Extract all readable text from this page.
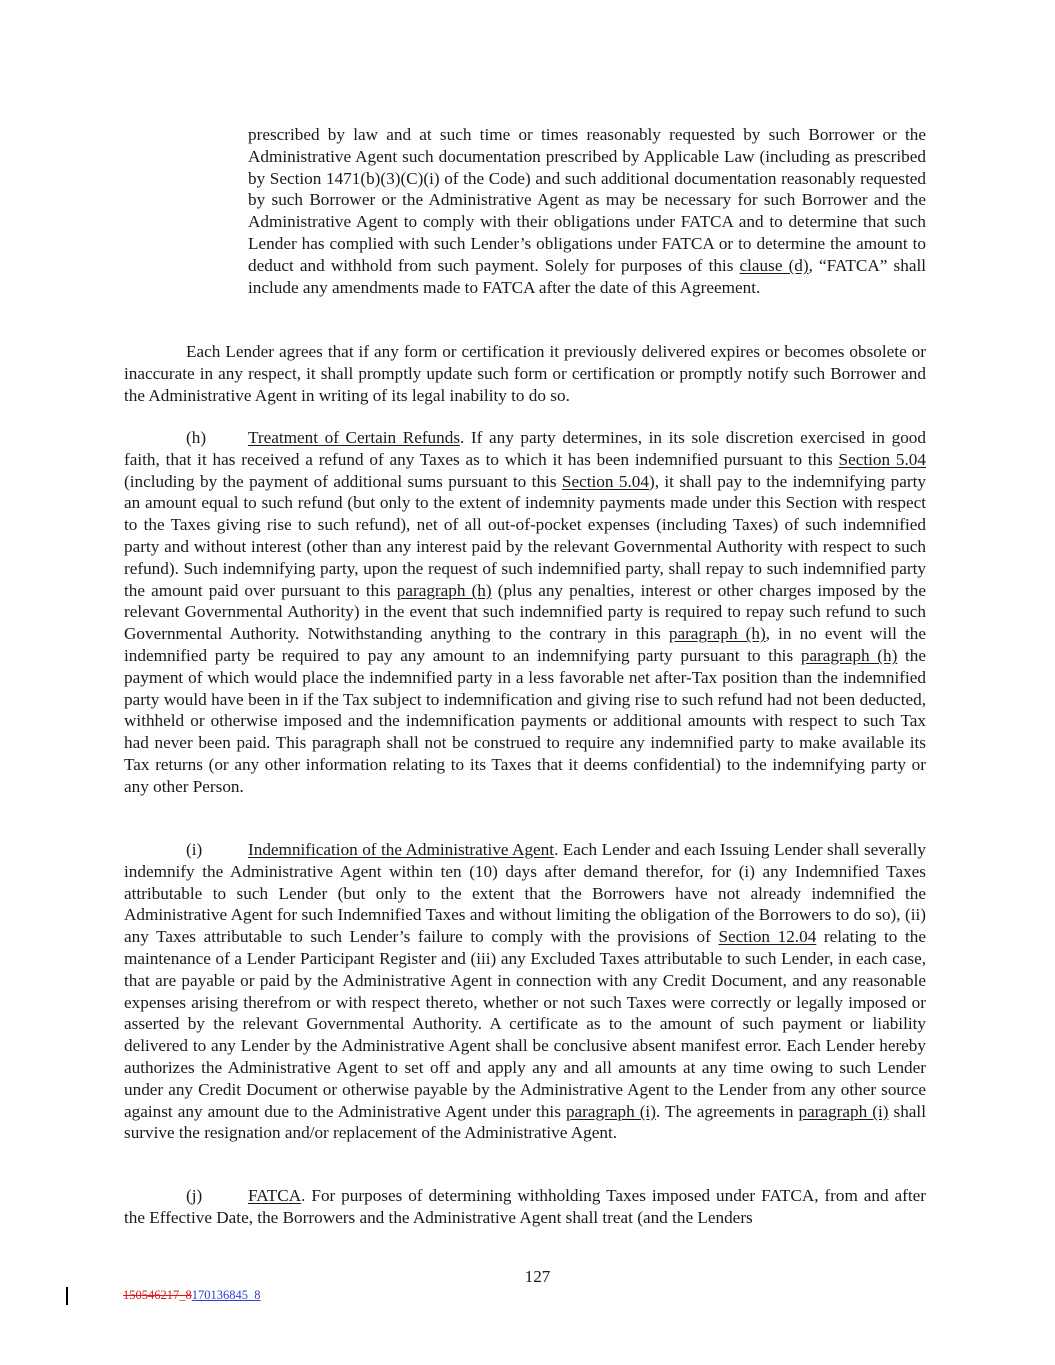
prescribed by law and at such time or times reasonably requested by such Borrower or the Administrative Agent such documentation prescribed by Applicable Law (including as prescribed by Section 1471(b)(3)(C)(i) of the Code) and such additional documentation reasonably requested by such Borrower or the Administrative Agent as may be necessary for such Borrower and the Administrative Agent to comply with their obligations under FATCA and to determine that such Lender has complied with such Lender’s obligations under FATCA or to determine the amount to deduct and withhold from such payment. Solely for purposes of this clause (d), “FATCA” shall include any amendments made to FATCA after the date of this Agreement.

Each Lender agrees that if any form or certification it previously delivered expires or becomes obsolete or inaccurate in any respect, it shall promptly update such form or certification or promptly notify such Borrower and the Administrative Agent in writing of its legal inability to do so.

(h) Treatment of Certain Refunds. If any party determines, in its sole discretion exercised in good faith, that it has received a refund of any Taxes as to which it has been indemnified pursuant to this Section 5.04 (including by the payment of additional sums pursuant to this Section 5.04), it shall pay to the indemnifying party an amount equal to such refund (but only to the extent of indemnity payments made under this Section with respect to the Taxes giving rise to such refund), net of all out-of-pocket expenses (including Taxes) of such indemnified party and without interest (other than any interest paid by the relevant Governmental Authority with respect to such refund). Such indemnifying party, upon the request of such indemnified party, shall repay to such indemnified party the amount paid over pursuant to this paragraph (h) (plus any penalties, interest or other charges imposed by the relevant Governmental Authority) in the event that such indemnified party is required to repay such refund to such Governmental Authority. Notwithstanding anything to the contrary in this paragraph (h), in no event will the indemnified party be required to pay any amount to an indemnifying party pursuant to this paragraph (h) the payment of which would place the indemnified party in a less favorable net after-Tax position than the indemnified party would have been in if the Tax subject to indemnification and giving rise to such refund had not been deducted, withheld or otherwise imposed and the indemnification payments or additional amounts with respect to such Tax had never been paid. This paragraph shall not be construed to require any indemnified party to make available its Tax returns (or any other information relating to its Taxes that it deems confidential) to the indemnifying party or any other Person.

(i)	Indemnification of the Administrative Agent. Each Lender and each Issuing Lender shall severally indemnify the Administrative Agent within ten (10) days after demand therefor, for (i) any Indemnified Taxes attributable to such Lender (but only to the extent that the Borrowers have not already indemnified the Administrative Agent for such Indemnified Taxes and without limiting the obligation of the Borrowers to do so), (ii) any Taxes attributable to such Lender’s failure to comply with the provisions of Section 12.04 relating to the maintenance of a Lender Participant Register and (iii) any Excluded Taxes attributable to such Lender, in each case, that are payable or paid by the Administrative Agent in connection with any Credit Document, and any reasonable expenses arising therefrom or with respect thereto, whether or not such Taxes were correctly or legally imposed or asserted by the relevant Governmental Authority. A certificate as to the amount of such payment or liability delivered to any Lender by the Administrative Agent shall be conclusive absent manifest error. Each Lender hereby authorizes the Administrative Agent to set off and apply any and all amounts at any time owing to such Lender under any Credit Document or otherwise payable by the Administrative Agent to the Lender from any other source against any amount due to the Administrative Agent under this paragraph (i). The agreements in paragraph (i) shall survive the resignation and/or replacement of the Administrative Agent.

(j)	FATCA. For purposes of determining withholding Taxes imposed under FATCA, from and after the Effective Date, the Borrowers and the Administrative Agent shall treat (and the Lenders

127
150546217_8170136845_8
